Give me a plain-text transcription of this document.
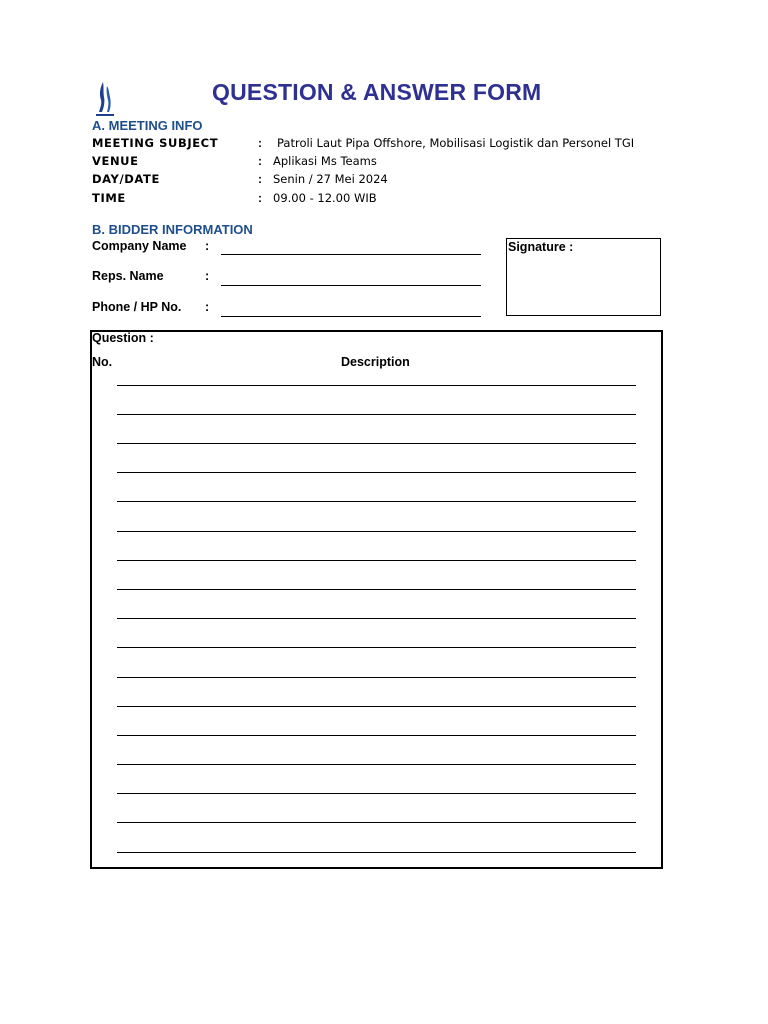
QUESTION & ANSWER FORM
A. MEETING INFO
MEETING SUBJECT	: Patroli Laut Pipa Offshore, Mobilisasi Logistik dan Personel TGI
VENUE	: Aplikasi Ms Teams
DAY/DATE	: Senin / 27 Mei 2024
TIME	: 09.00 - 12.00 WIB
B. BIDDER INFORMATION
Company Name :
Reps. Name	:
Phone / HP No. :
Signature :
Question :
No.	Description
